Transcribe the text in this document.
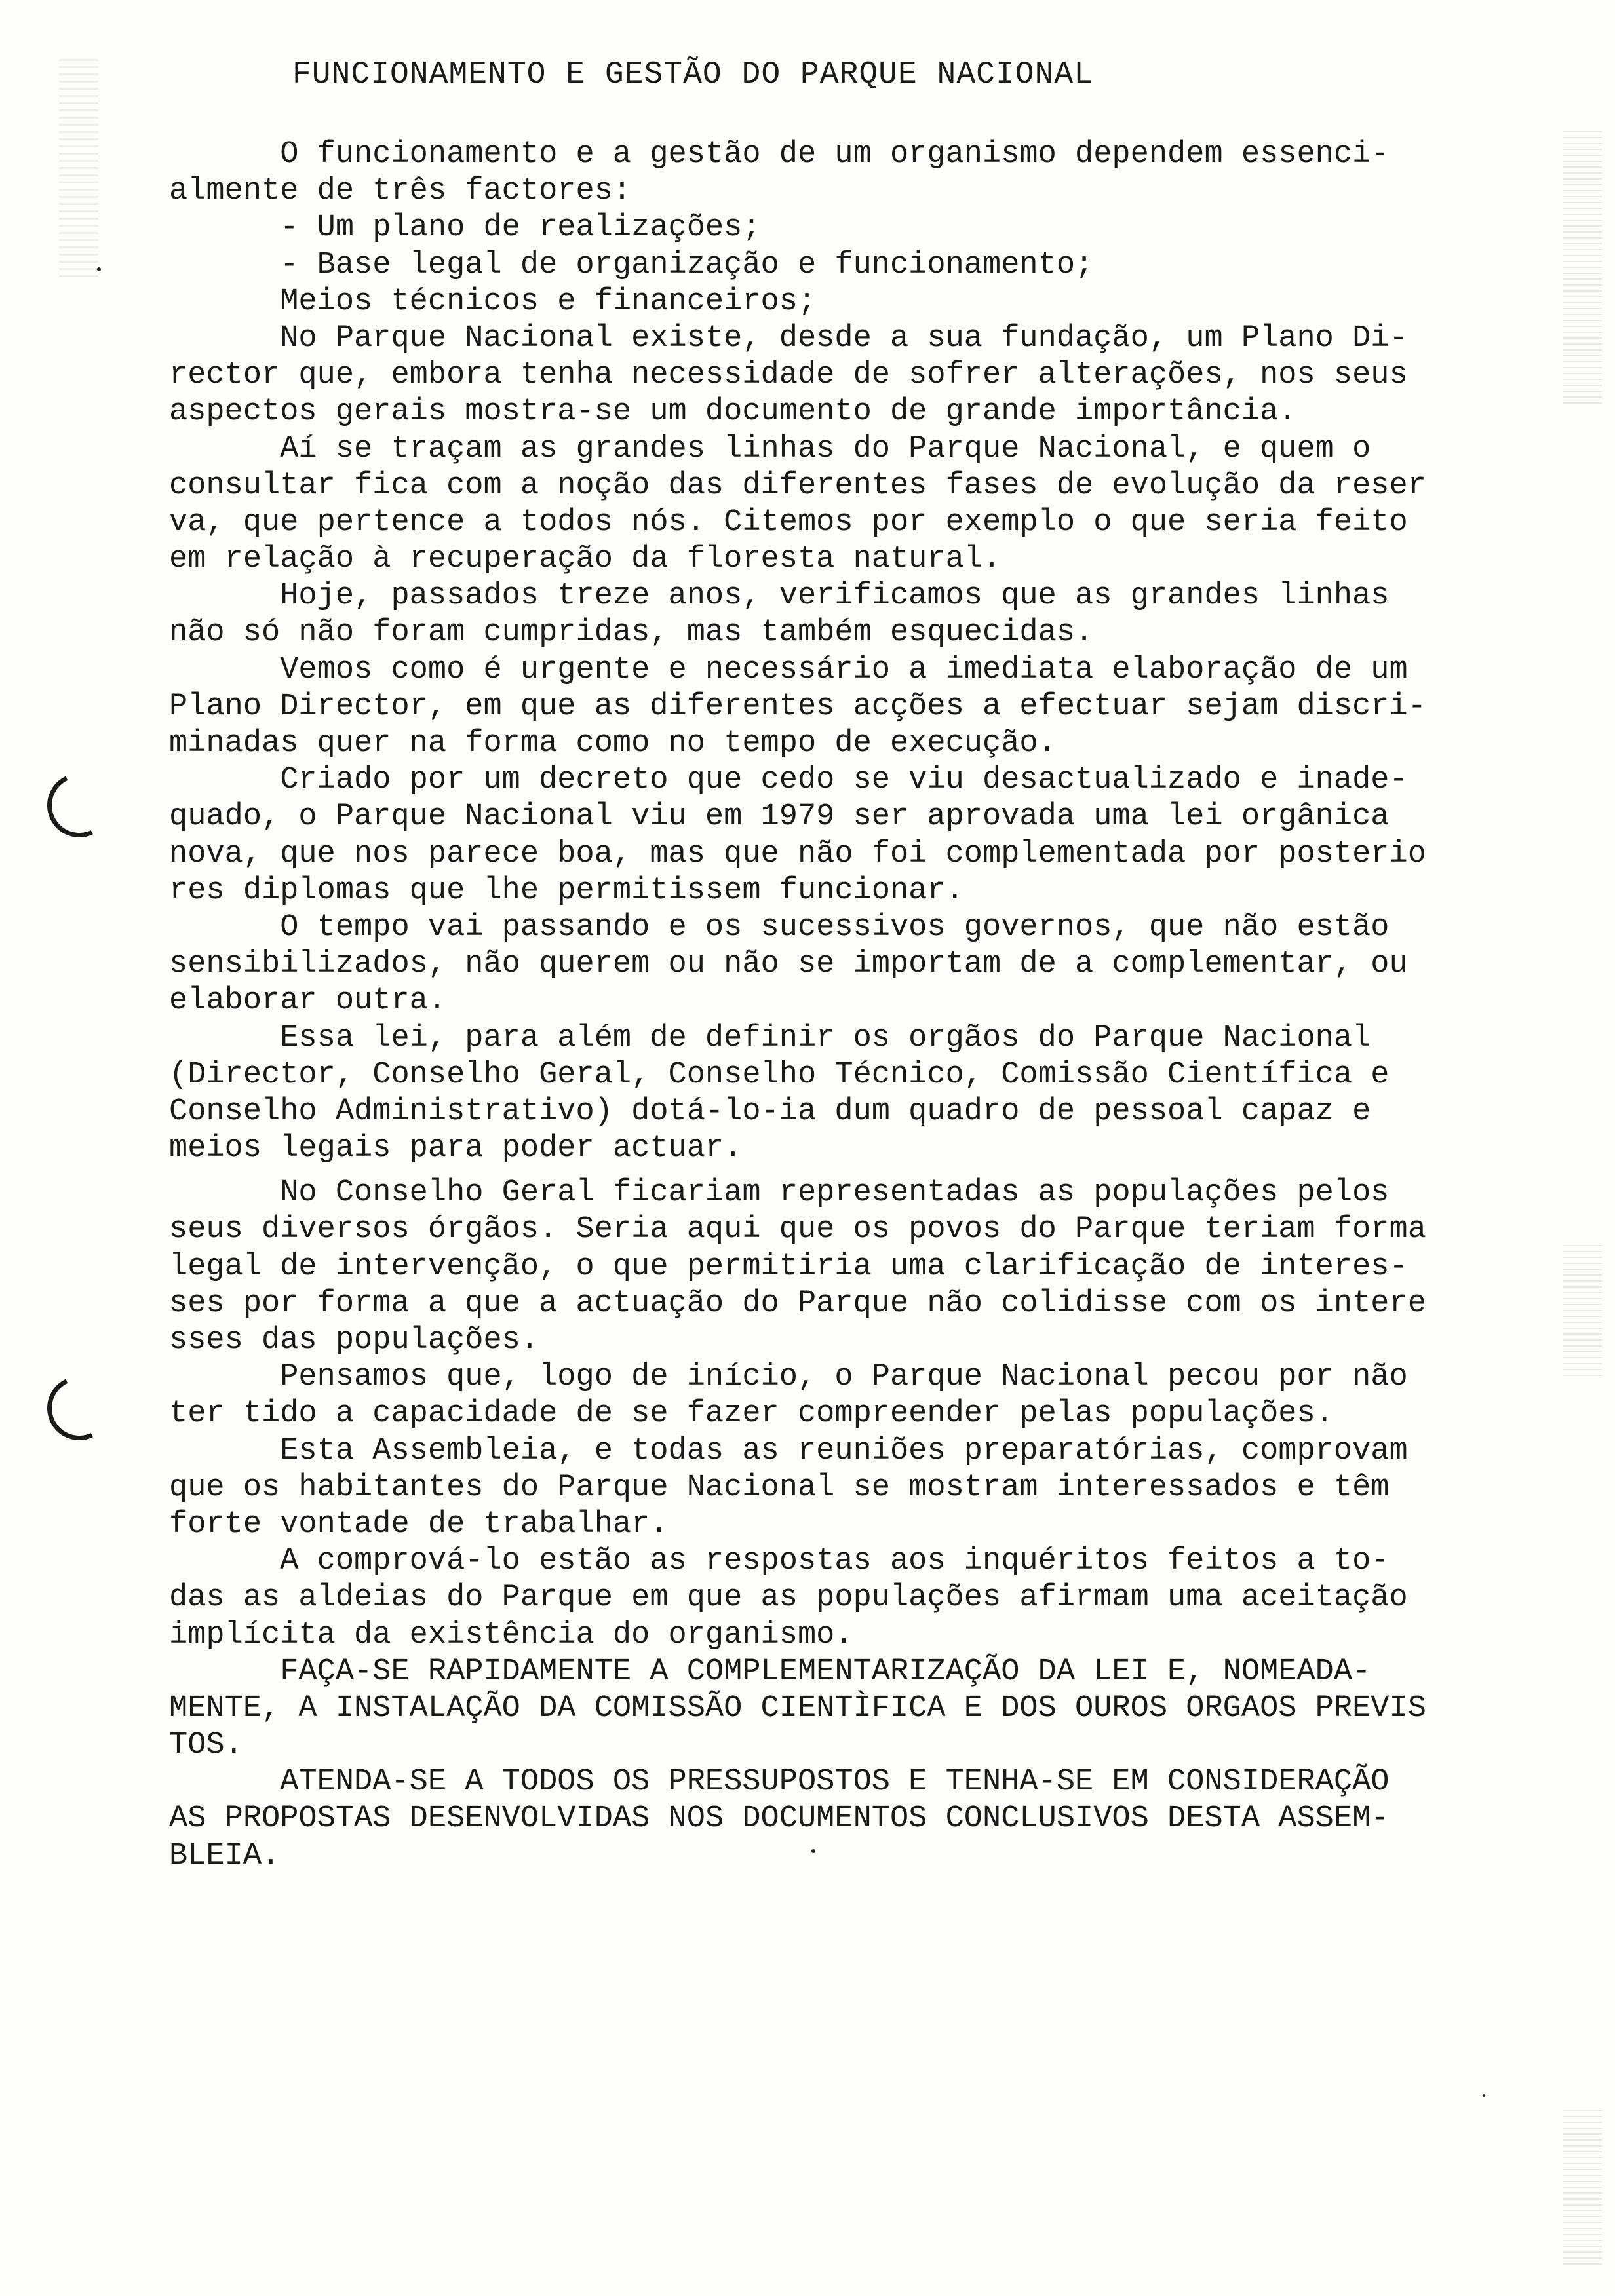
FUNCIONAMENTO E GESTÃO DO PARQUE NACIONAL
O funcionamento e a gestão de um organismo dependem essenci-
almente de três factores:
- Um plano de realizações;
- Base legal de organização e funcionamento;
Meios técnicos e financeiros;
No Parque Nacional existe, desde a sua fundação, um Plano Di-
rector que, embora tenha necessidade de sofrer alterações, nos seus
aspectos gerais mostra-se um documento de grande importância.
Aí se traçam as grandes linhas do Parque Nacional, e quem o
consultar fica com a noção das diferentes fases de evolução da reser
va, que pertence a todos nós. Citemos por exemplo o que seria feito
em relação à recuperação da floresta natural.
Hoje, passados treze anos, verificamos que as grandes linhas
não só não foram cumpridas, mas também esquecidas.
Vemos como é urgente e necessário a imediata elaboração de um
Plano Director, em que as diferentes acções a efectuar sejam discri-
minadas quer na forma como no tempo de execução.
Criado por um decreto que cedo se viu desactualizado e inade-
quado, o Parque Nacional viu em 1979 ser aprovada uma lei orgânica
nova, que nos parece boa, mas que não foi complementada por posterio
res diplomas que lhe permitissem funcionar.
O tempo vai passando e os sucessivos governos, que não estão
sensibilizados, não querem ou não se importam de a complementar, ou
elaborar outra.
Essa lei, para além de definir os orgãos do Parque Nacional
(Director, Conselho Geral, Conselho Técnico, Comissão Científica e
Conselho Administrativo) dotá-lo-ia dum quadro de pessoal capaz e
meios legais para poder actuar.
No Conselho Geral ficariam representadas as populações pelos
seus diversos órgãos. Seria aqui que os povos do Parque teriam forma
legal de intervenção, o que permitiria uma clarificação de interes-
ses por forma a que a actuação do Parque não colidisse com os intere
sses das populações.
Pensamos que, logo de início, o Parque Nacional pecou por não
ter tido a capacidade de se fazer compreender pelas populações.
Esta Assembleia, e todas as reuniões preparatórias, comprovam
que os habitantes do Parque Nacional se mostram interessados e têm
forte vontade de trabalhar.
A comprová-lo estão as respostas aos inquéritos feitos a to-
das as aldeias do Parque em que as populações afirmam uma aceitação
implícita da existência do organismo.
FAÇA-SE RAPIDAMENTE A COMPLEMENTARIZAÇÃO DA LEI E, NOMEADA-
MENTE, A INSTALAÇÃO DA COMISSÃO CIENTÌFICA E DOS OUROS ORGAOS PREVIS
TOS.
ATENDA-SE A TODOS OS PRESSUPOSTOS E TENHA-SE EM CONSIDERAÇÃO
AS PROPOSTAS DESENVOLVIDAS NOS DOCUMENTOS CONCLUSIVOS DESTA ASSEM-
BLEIA.
